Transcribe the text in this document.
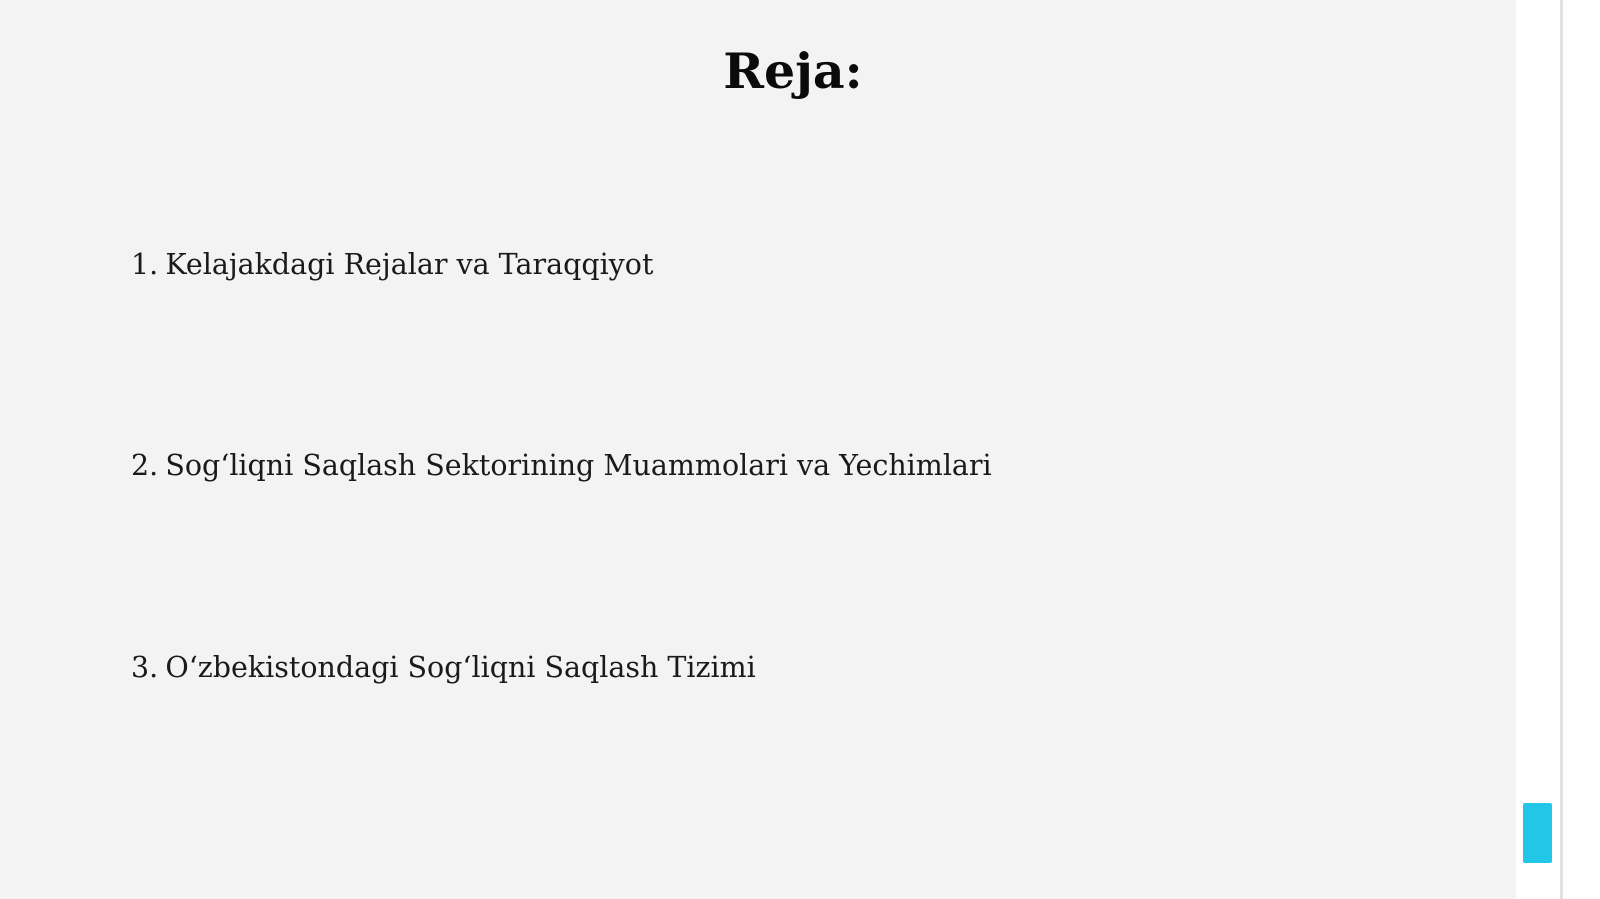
Reja:
1. Kelajakdagi Rejalar va Taraqqiyot
2. Sog‘liqni Saqlash Sektorining Muammolari va Yechimlari
3. O‘zbekistondagi Sog‘liqni Saqlash Tizimi
